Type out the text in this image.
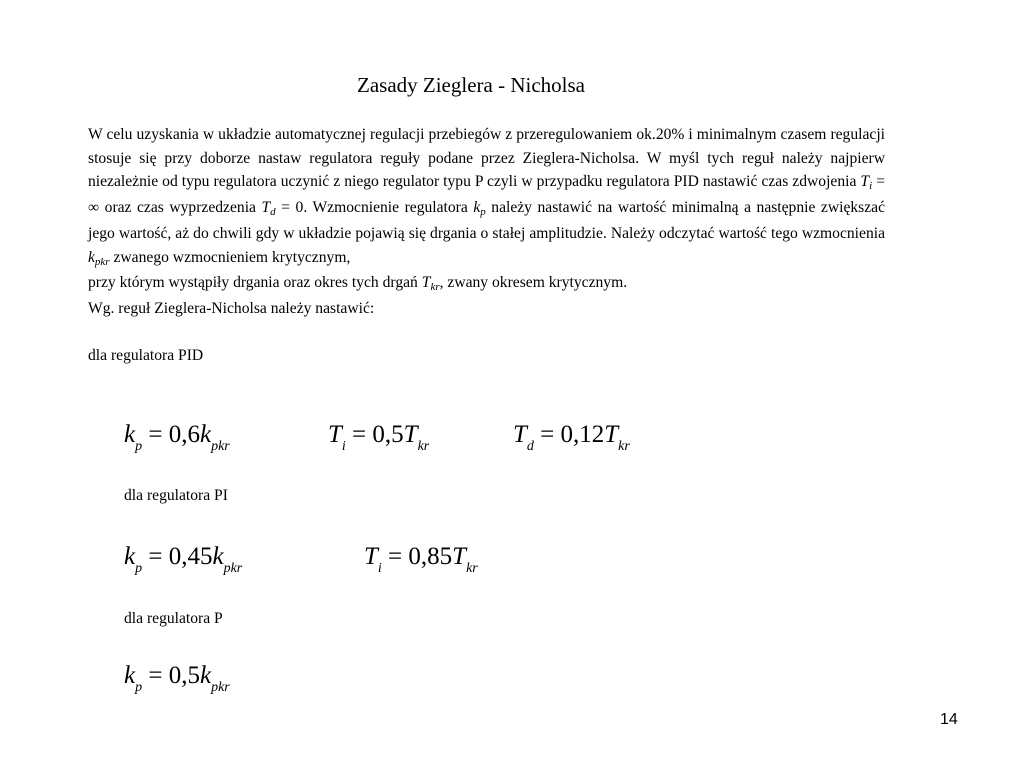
Zasady Zieglera - Nicholsa

W celu uzyskania w układzie automatycznej regulacji przebiegów z przeregulowaniem ok.20% i minimalnym czasem regulacji stosuje się przy doborze nastaw regulatora reguły podane przez Zieglera-Nicholsa. W myśl tych reguł należy najpierw niezależnie od typu regulatora uczynić z niego regulator typu P czyli w przypadku regulatora PID nastawić czas zdwojenia Ti = ∞ oraz czas wyprzedzenia Td = 0. Wzmocnienie regulatora kp należy nastawić na wartość minimalną a następnie zwiększać jego wartość, aż do chwili gdy w układzie pojawią się drgania o stałej amplitudzie. Należy odczytać wartość tego wzmocnienia kpkr zwanego wzmocnieniem krytycznym,

przy którym wystąpiły drgania oraz okres tych drgań Tkr, zwany okresem krytycznym.

Wg. reguł Zieglera-Nicholsa należy nastawić:

dla regulatora PID

$k_p = 0,6k_{pkr}$	$T_i = 0,5T_{kr}$	$T_d = 0,12T_{kr}$
dla regulatora PI
$k_p = 0,45k_{pkr}$	$T_i = 0,85T_{kr}$
dla regulatora P
$k_p = 0,5k_{pkr}$
14
